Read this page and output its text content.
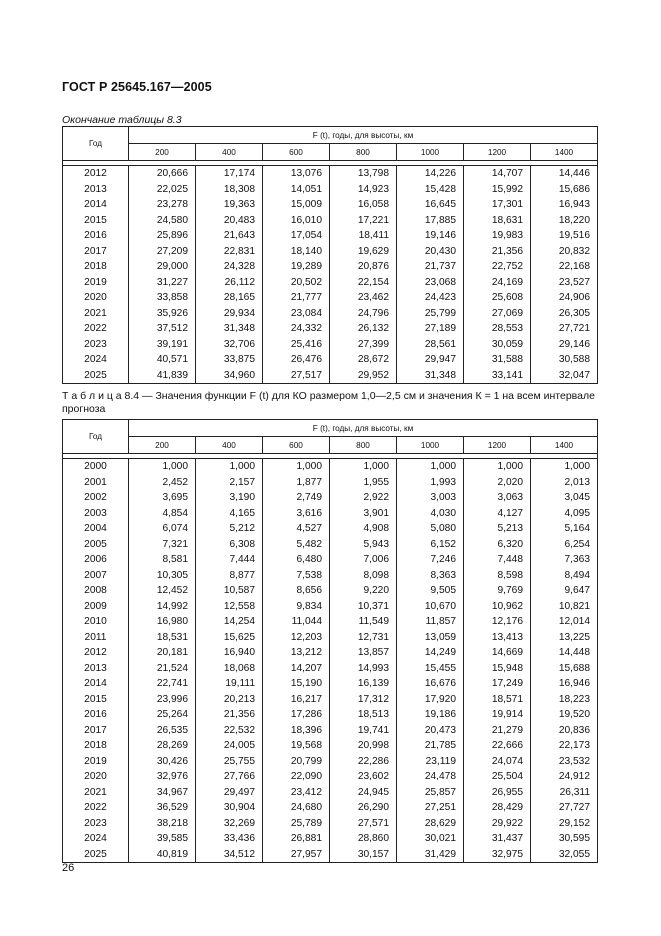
ГОСТ Р 25645.167—2005
Окончание таблицы 8.3
Год	F (t), годы, для высоты, км						
	200	400	600	800	1000	1200	1400

2012	20,666	17,174	13,076	13,798	14,226	14,707	14,446
2013	22,025	18,308	14,051	14,923	15,428	15,992	15,686
2014	23,278	19,363	15,009	16,058	16,645	17,301	16,943
2015	24,580	20,483	16,010	17,221	17,885	18,631	18,220
2016	25,896	21,643	17,054	18,411	19,146	19,983	19,516
2017	27,209	22,831	18,140	19,629	20,430	21,356	20,832
2018	29,000	24,328	19,289	20,876	21,737	22,752	22,168
2019	31,227	26,112	20,502	22,154	23,068	24,169	23,527
2020	33,858	28,165	21,777	23,462	24,423	25,608	24,906
2021	35,926	29,934	23,084	24,796	25,799	27,069	26,305
2022	37,512	31,348	24,332	26,132	27,189	28,553	27,721
2023	39,191	32,706	25,416	27,399	28,561	30,059	29,146
2024	40,571	33,875	26,476	28,672	29,947	31,588	30,588
2025	41,839	34,960	27,517	29,952	31,348	33,141	32,047
Т а б л и ц а 8.4 — Значения функции F (t) для КО размером 1,0—2,5 см и значения К = 1 на всем интервале прогноза
Год	F (t), годы, для высоты, км						
	200	400	600	800	1000	1200	1400

2000	1,000	1,000	1,000	1,000	1,000	1,000	1,000
2001	2,452	2,157	1,877	1,955	1,993	2,020	2,013
2002	3,695	3,190	2,749	2,922	3,003	3,063	3,045
2003	4,854	4,165	3,616	3,901	4,030	4,127	4,095
2004	6,074	5,212	4,527	4,908	5,080	5,213	5,164
2005	7,321	6,308	5,482	5,943	6,152	6,320	6,254
2006	8,581	7,444	6,480	7,006	7,246	7,448	7,363
2007	10,305	8,877	7,538	8,098	8,363	8,598	8,494
2008	12,452	10,587	8,656	9,220	9,505	9,769	9,647
2009	14,992	12,558	9,834	10,371	10,670	10,962	10,821
2010	16,980	14,254	11,044	11,549	11,857	12,176	12,014
2011	18,531	15,625	12,203	12,731	13,059	13,413	13,225
2012	20,181	16,940	13,212	13,857	14,249	14,669	14,448
2013	21,524	18,068	14,207	14,993	15,455	15,948	15,688
2014	22,741	19,111	15,190	16,139	16,676	17,249	16,946
2015	23,996	20,213	16,217	17,312	17,920	18,571	18,223
2016	25,264	21,356	17,286	18,513	19,186	19,914	19,520
2017	26,535	22,532	18,396	19,741	20,473	21,279	20,836
2018	28,269	24,005	19,568	20,998	21,785	22,666	22,173
2019	30,426	25,755	20,799	22,286	23,119	24,074	23,532
2020	32,976	27,766	22,090	23,602	24,478	25,504	24,912
2021	34,967	29,497	23,412	24,945	25,857	26,955	26,311
2022	36,529	30,904	24,680	26,290	27,251	28,429	27,727
2023	38,218	32,269	25,789	27,571	28,629	29,922	29,152
2024	39,585	33,436	26,881	28,860	30,021	31,437	30,595
2025	40,819	34,512	27,957	30,157	31,429	32,975	32,055
26
